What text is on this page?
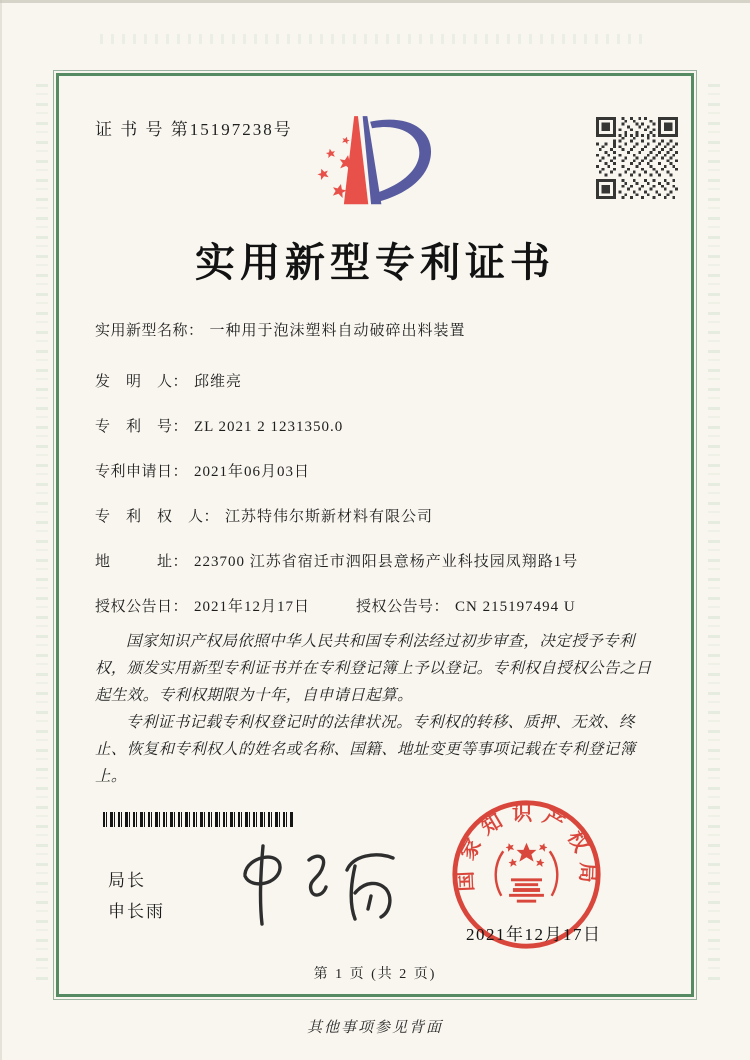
证 书 号 第15197238号
实用新型专利证书
实用新型名称： 一种用于泡沫塑料自动破碎出料装置
发　明　人： 邱维亮
专　利　号： ZL 2021 2 1231350.0
专利申请日： 2021年06月03日
专　利　权　人： 江苏特伟尔斯新材料有限公司
地　　　址： 223700 江苏省宿迁市泗阳县意杨产业科技园凤翔路1号
授权公告日： 2021年12月17日	授权公告号： CN 215197494 U

国家知识产权局依照中华人民共和国专利法经过初步审查，决定授予专利权，颁发实用新型专利证书并在专利登记簿上予以登记。专利权自授权公告之日起生效。专利权期限为十年，自申请日起算。

专利证书记载专利权登记时的法律状况。专利权的转移、质押、无效、终止、恢复和专利权人的姓名或名称、国籍、地址变更等事项记载在专利登记簿上。

局长
申长雨
国家知识产权局
2021年12月17日
第 1 页 (共 2 页)
其他事项参见背面
